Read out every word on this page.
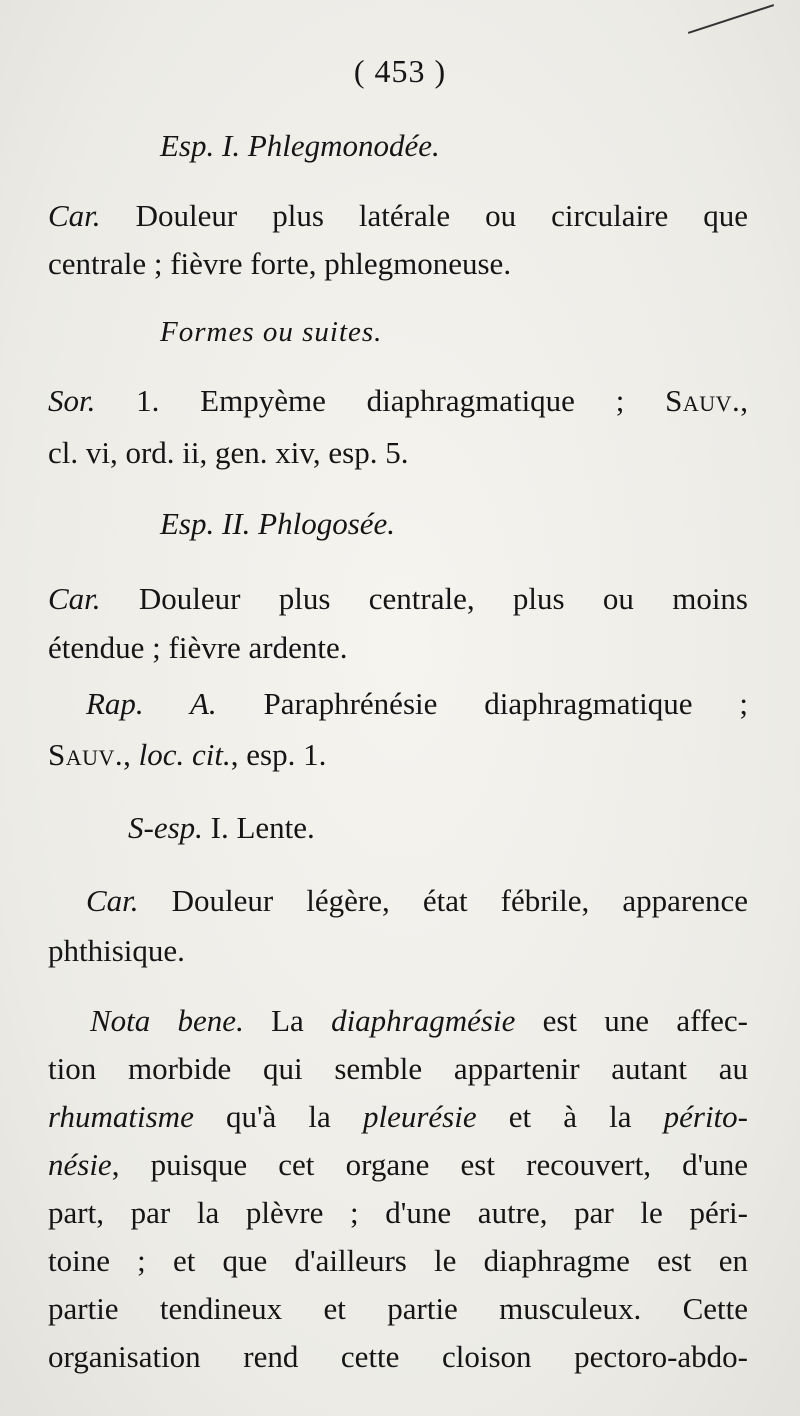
( 453 )
Esp. I. Phlegmonodée.
Car. Douleur plus latérale ou circulaire que
centrale ; fièvre forte, phlegmoneuse.
Formes ou suites.
Sor. 1. Empyème diaphragmatique ; Sauv.,
cl. vi, ord. ii, gen. xiv, esp. 5.
Esp. II. Phlogosée.
Car. Douleur plus centrale, plus ou moins
étendue ; fièvre ardente.
Rap. A. Paraphrénésie diaphragmatique ;
Sauv., loc. cit., esp. 1.
S-esp. I. Lente.
Car. Douleur légère, état fébrile, apparence
phthisique.
Nota bene. La diaphragmésie est une affec-
tion morbide qui semble appartenir autant au
rhumatisme qu'à la pleurésie et à la périto-
nésie, puisque cet organe est recouvert, d'une
part, par la plèvre ; d'une autre, par le péri-
toine ; et que d'ailleurs le diaphragme est en
partie tendineux et partie musculeux. Cette
organisation rend cette cloison pectoro-abdo-
